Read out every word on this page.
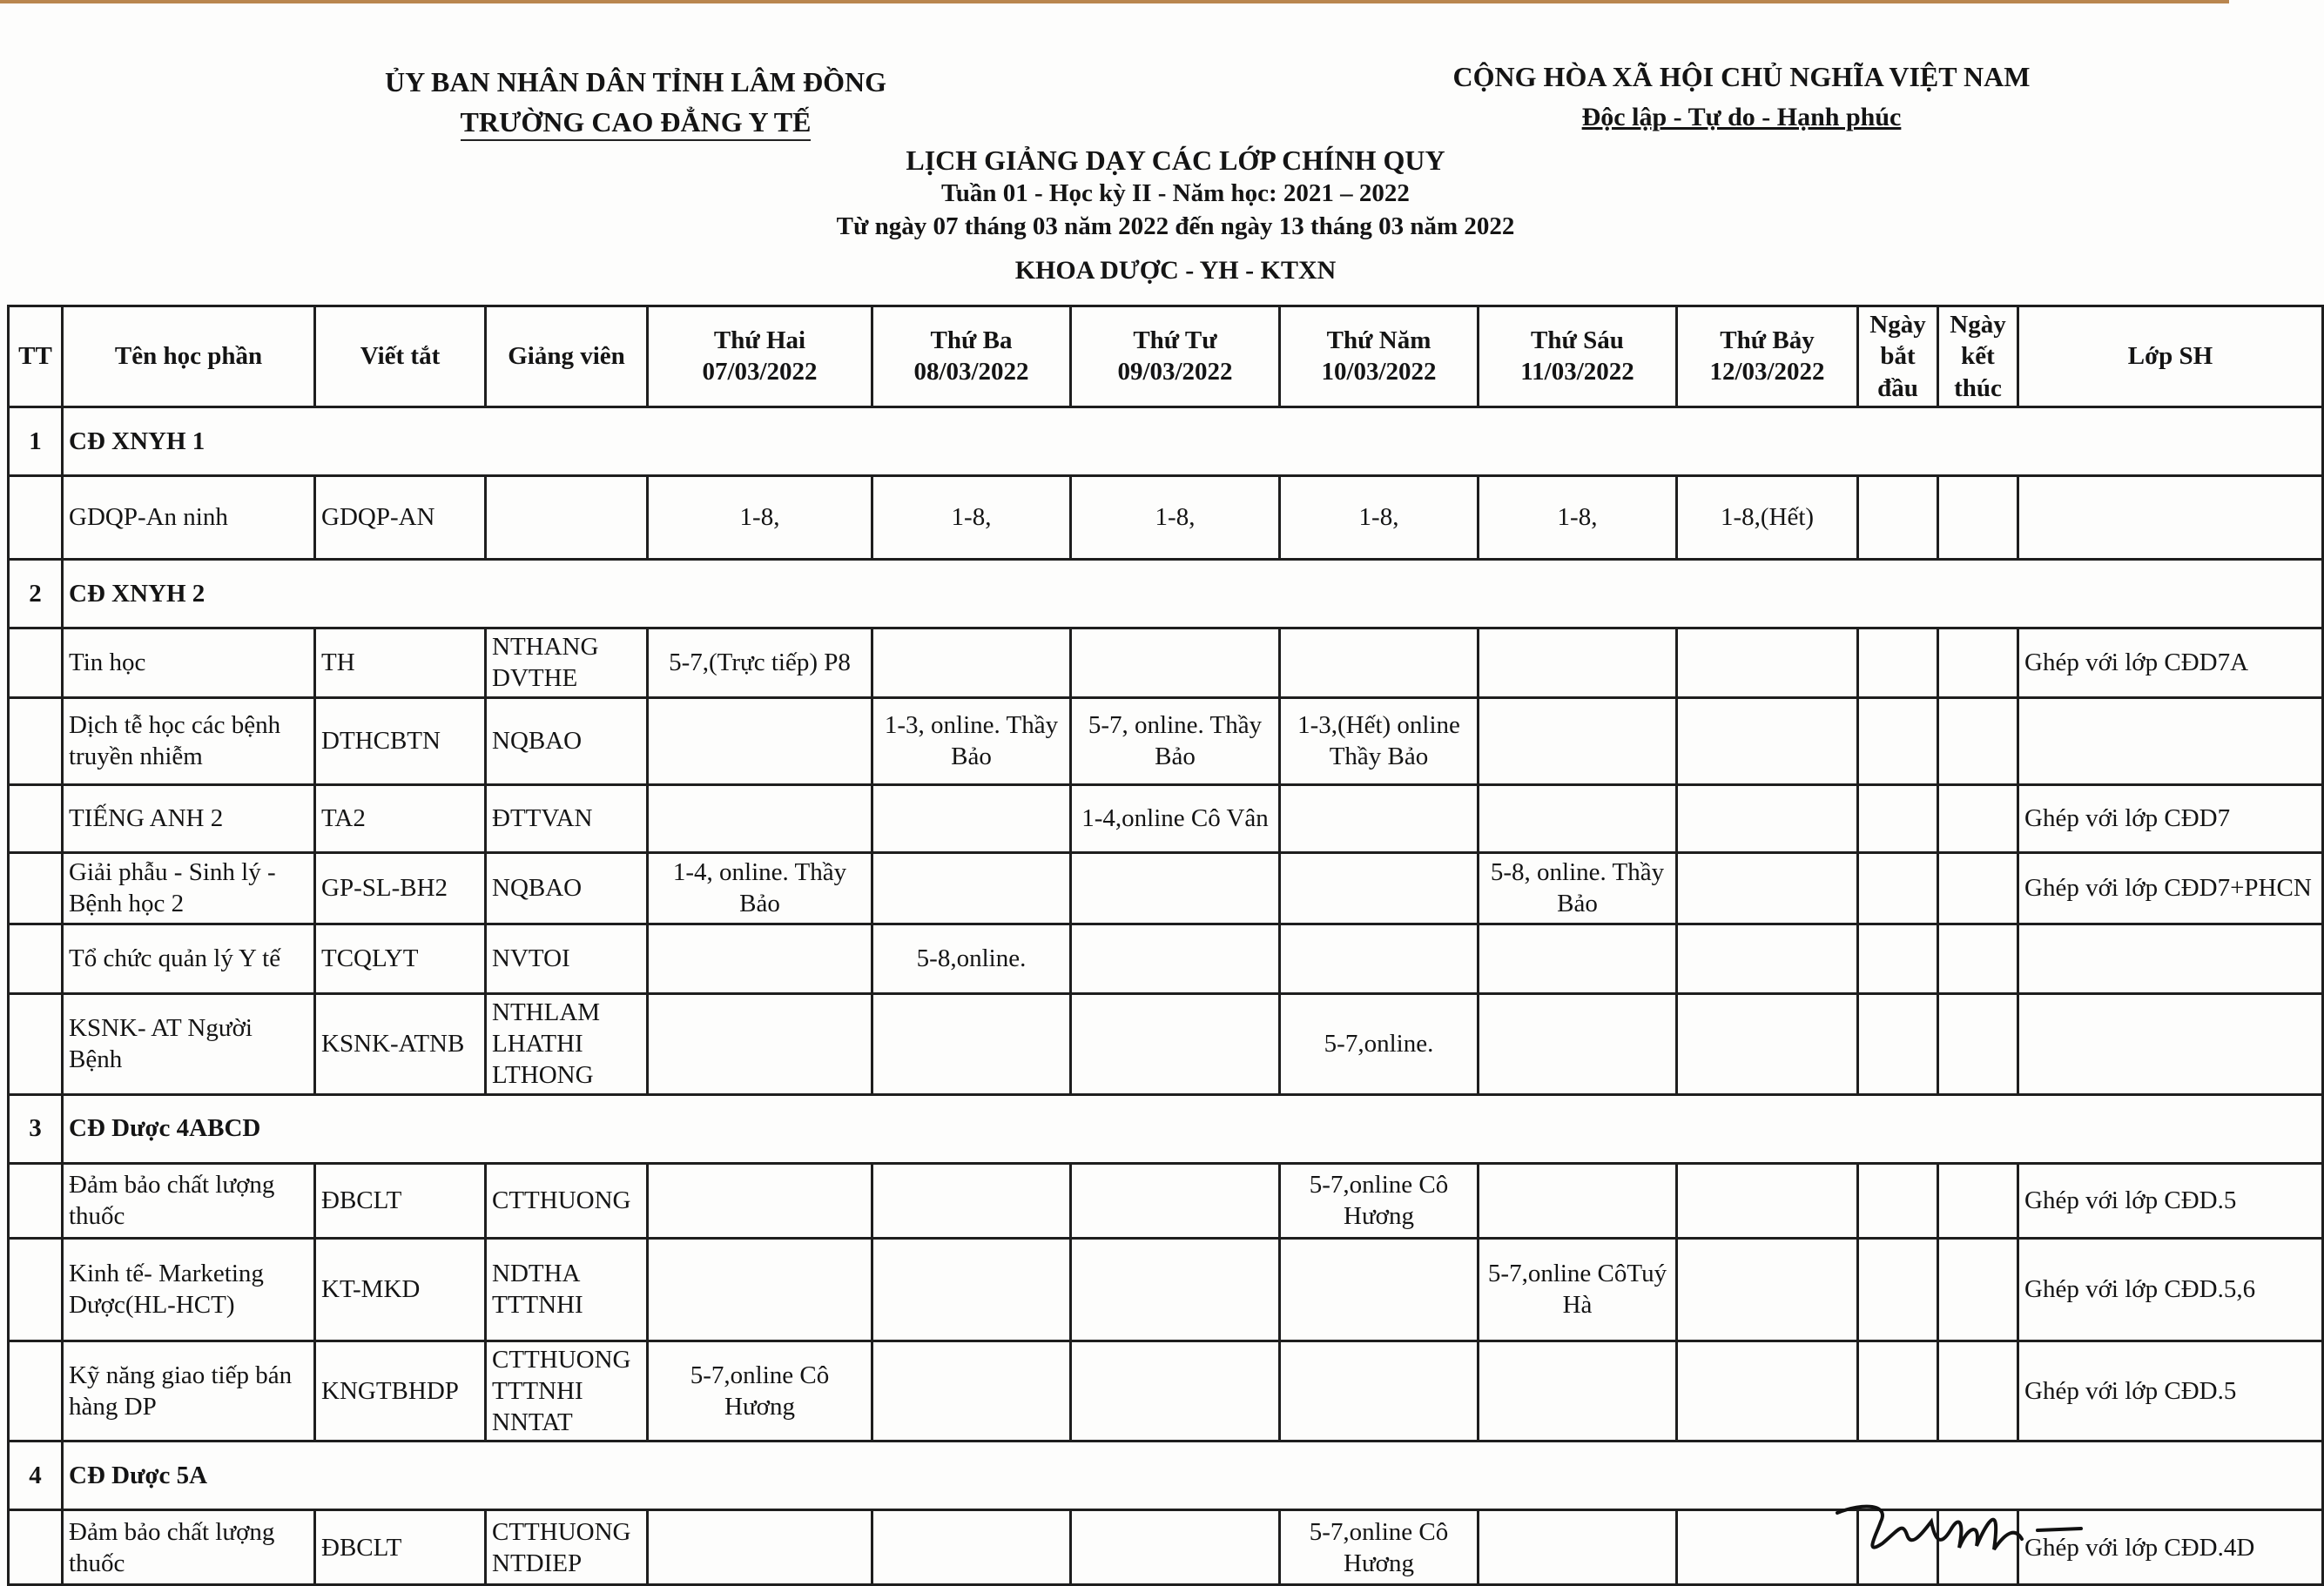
ỦY BAN NHÂN DÂN TỈNH LÂM ĐỒNG
TRƯỜNG CAO ĐẲNG Y TẾ
CỘNG HÒA XÃ HỘI CHỦ NGHĨA VIỆT NAM
Độc lập - Tự do - Hạnh phúc
LỊCH GIẢNG DẠY CÁC LỚP CHÍNH QUY
Tuần 01 - Học kỳ II - Năm học: 2021 – 2022
Từ ngày 07 tháng 03 năm 2022 đến ngày 13 tháng 03 năm 2022
KHOA DƯỢC - YH - KTXN
TT	Tên học phần	Viết tắt	Giảng viên	Thứ Hai 07/03/2022	Thứ Ba 08/03/2022	Thứ Tư 09/03/2022	Thứ Năm 10/03/2022	Thứ Sáu 11/03/2022	Thứ Bảy 12/03/2022	Ngày bắt đầu	Ngày kết thúc	Lớp SH
1	CĐ XNYH 1											
	GDQP-An ninh	GDQP-AN		1-8,	1-8,	1-8,	1-8,	1-8,	1-8,(Hết)			
2	CĐ XNYH 2											
	Tin học	TH	NTHANG DVTHE	5-7,(Trực tiếp) P8								Ghép với lớp CĐD7A
	Dịch tễ học các bệnh truyền nhiễm	DTHCBTN	NQBAO		1-3, online. Thầy Bảo	5-7, online. Thầy Bảo	1-3,(Hết) online Thầy Bảo					
	TIẾNG ANH 2	TA2	ĐTTVAN			1-4,online Cô Vân						Ghép với lớp CĐD7
	Giải phẫu - Sinh lý - Bệnh học 2	GP-SL-BH2	NQBAO	1-4, online. Thầy Bảo				5-8, online. Thầy Bảo				Ghép với lớp CĐD7+PHCN
	Tổ chức quản lý Y tế	TCQLYT	NVTOI		5-8,online.							
	KSNK- AT Người Bệnh	KSNK-ATNB	NTHLAM LHATHI LTHONG				5-7,online.					
3	CĐ Dược 4ABCD											
	Đảm bảo chất lượng thuốc	ĐBCLT	CTTHUONG				5-7,online Cô Hương					Ghép với lớp CĐD.5
	Kinh tế- Marketing Dược(HL-HCT)	KT-MKD	NDTHA TTTNHI					5-7,online CôTuý Hà				Ghép với lớp CĐD.5,6
	Kỹ năng giao tiếp bán hàng DP	KNGTBHDP	CTTHUONG TTTNHI NNTAT	5-7,online Cô Hương								Ghép với lớp CĐD.5
4	CĐ Dược 5A											
	Đảm bảo chất lượng thuốc	ĐBCLT	CTTHUONG NTDIEP				5-7,online Cô Hương					Ghép với lớp CĐD.4D
